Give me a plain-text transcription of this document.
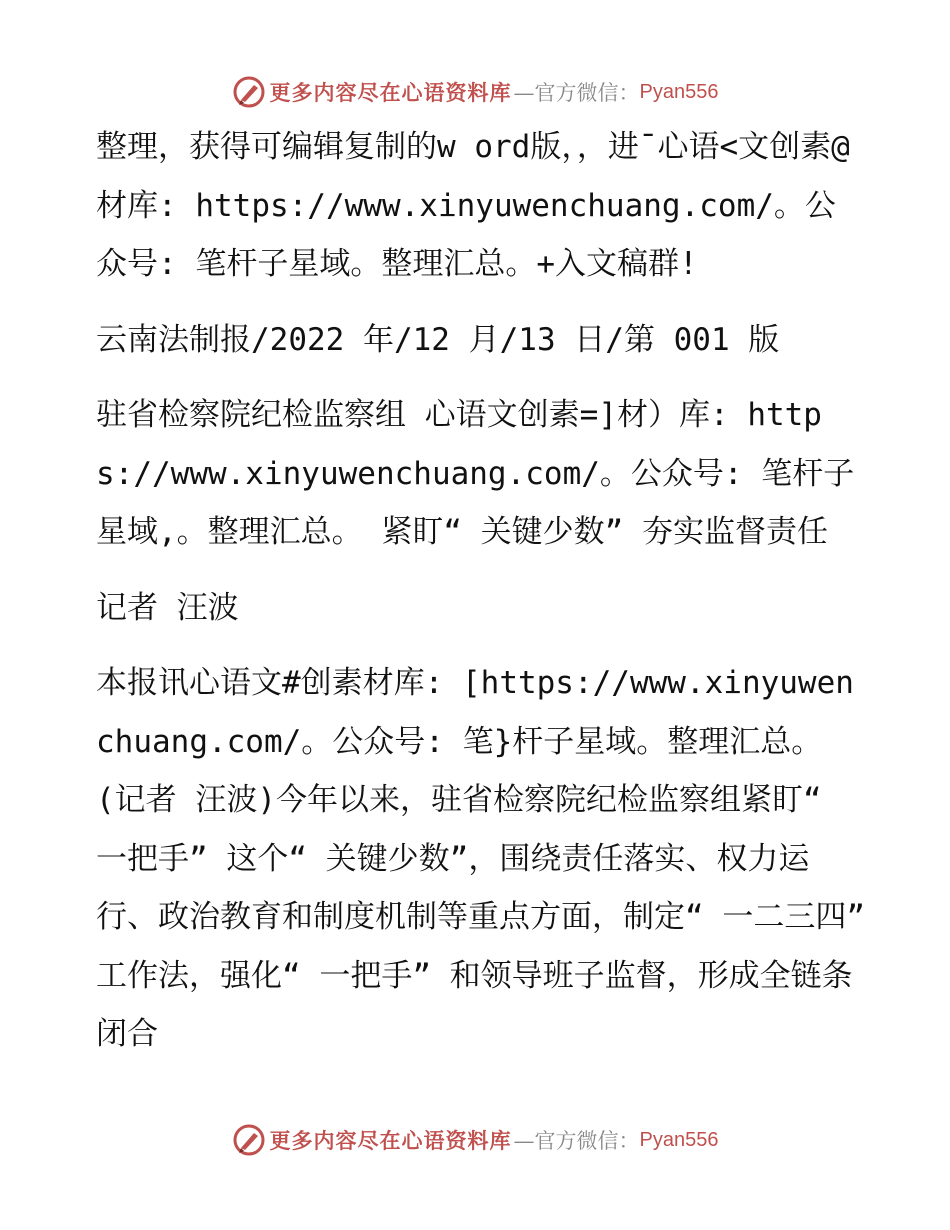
更多内容尽在心语资料库 —官方微信： Pyan556

整理，获得可编辑复制的w ord版，，进¯心语<文创素@材库: https://www.xinyuwenchuang.com/。公众号: 笔杆子星域。整理汇总。+入文稿群!

云南法制报/2022 年/12 月/13 日/第 001 版

驻省检察院纪检监察组 心语文创素=]材）库: https://www.xinyuwenchuang.com/。公众号: 笔杆子星域,。整理汇总。 紧盯“ 关键少数” 夯实监督责任

记者 汪波

本报讯心语文#创素材库: [https://www.xinyuwenchuang.com/。公众号: 笔}杆子星域。整理汇总。(记者 汪波)今年以来，驻省检察院纪检监察组紧盯“ 一把手” 这个“ 关键少数”，围绕责任落实、权力运行、政治教育和制度机制等重点方面，制定“ 一二三四” 工作法，强化“ 一把手” 和领导班子监督，形成全链条闭合

更多内容尽在心语资料库 —官方微信： Pyan556
